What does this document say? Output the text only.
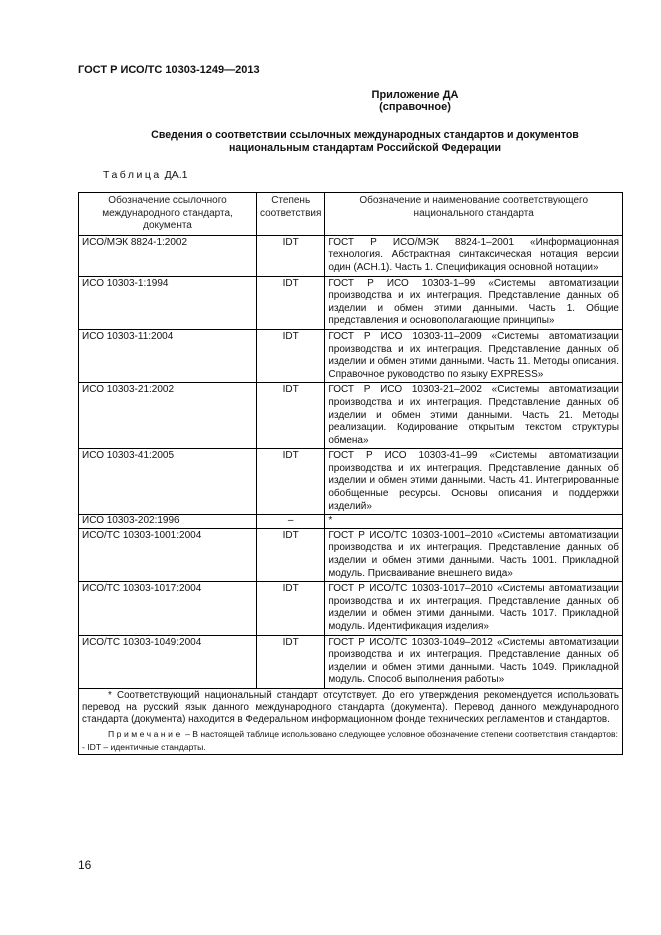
ГОСТ Р ИСО/ТС 10303-1249—2013
Приложение ДА
(справочное)
Сведения о соответствии ссылочных международных стандартов и документов национальным стандартам Российской Федерации
Таблица ДА.1
Обозначение ссылочного международного стандарта, документа	Степень соответствия	Обозначение и наименование соответствующего национального стандарта
ИСО/МЭК 8824-1:2002	IDT	ГОСТ Р ИСО/МЭК 8824-1–2001 «Информационная технология. Абстрактная синтаксическая нотация версии один (АСН.1). Часть 1. Спецификация основной нотации»
ИСО 10303-1:1994	IDT	ГОСТ Р ИСО 10303-1–99 «Системы автоматизации производства и их интеграция. Представление данных об изделии и обмен этими данными. Часть 1. Общие представления и основополагающие принципы»
ИСО 10303-11:2004	IDT	ГОСТ Р ИСО 10303-11–2009 «Системы автоматизации производства и их интеграция. Представление данных об изделии и обмен этими данными. Часть 11. Методы описания. Справочное руководство по языку EXPRESS»
ИСО 10303-21:2002	IDT	ГОСТ Р ИСО 10303-21–2002 «Системы автоматизации производства и их интеграция. Представление данных об изделии и обмен этими данными. Часть 21. Методы реализации. Кодирование открытым текстом структуры обмена»
ИСО 10303-41:2005	IDT	ГОСТ Р ИСО 10303-41–99 «Системы автоматизации производства и их интеграция. Представление данных об изделии и обмен этими данными. Часть 41. Интегрированные обобщенные ресурсы. Основы описания и поддержки изделий»
ИСО 10303-202:1996	–	*
ИСО/ТС 10303-1001:2004	IDT	ГОСТ Р ИСО/ТС 10303-1001–2010 «Системы автоматизации производства и их интеграция. Представление данных об изделии и обмен этими данными. Часть 1001. Прикладной модуль. Присваивание внешнего вида»
ИСО/ТС 10303-1017:2004	IDT	ГОСТ Р ИСО/ТС 10303-1017–2010 «Системы автоматизации производства и их интеграция. Представление данных об изделии и обмен этими данными. Часть 1017. Прикладной модуль. Идентификация изделия»
ИСО/ТС 10303-1049:2004	IDT	ГОСТ Р ИСО/ТС 10303-1049–2012 «Системы автоматизации производства и их интеграция. Представление данных об изделии и обмен этими данными. Часть 1049. Прикладной модуль. Способ выполнения работы»

* Соответствующий национальный стандарт отсутствует. До его утверждения рекомендуется использовать перевод на русский язык данного международного стандарта (документа). Перевод данного международного стандарта (документа) находится в Федеральном информационном фонде технических регламентов и стандартов.
Примечание – В настоящей таблице использовано следующее условное обозначение степени соответствия стандартов:
- IDT – идентичные стандарты.		
16
